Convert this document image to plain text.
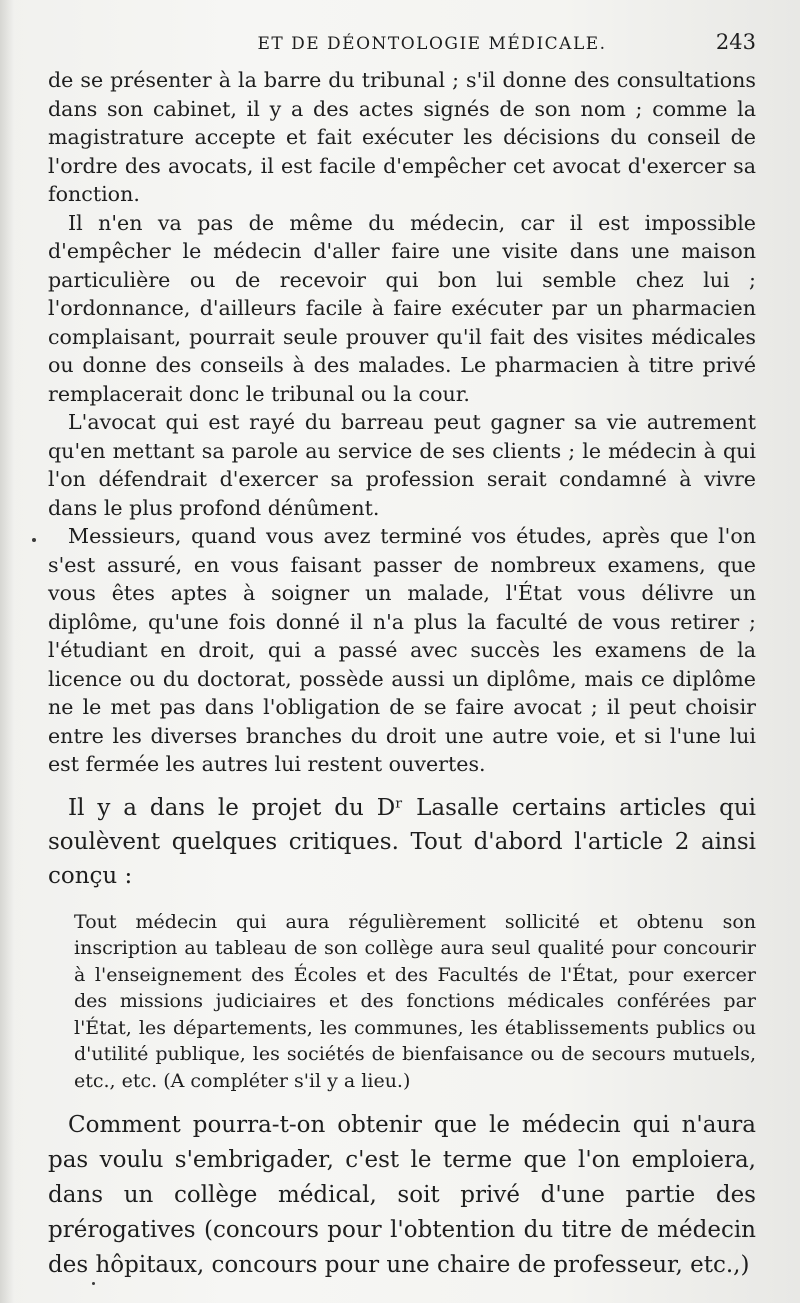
ET DE DÉONTOLOGIE MÉDICALE.	243

de se présenter à la barre du tribunal ; s'il donne des consultations dans son cabinet, il y a des actes signés de son nom ; comme la magistrature accepte et fait exécuter les décisions du conseil de l'ordre des avocats, il est facile d'empêcher cet avocat d'exercer sa fonction.

Il n'en va pas de même du médecin, car il est impossible d'empêcher le médecin d'aller faire une visite dans une maison particulière ou de recevoir qui bon lui semble chez lui ; l'ordonnance, d'ailleurs facile à faire exécuter par un pharmacien complaisant, pourrait seule prouver qu'il fait des visites médicales ou donne des conseils à des malades. Le pharmacien à titre privé remplacerait donc le tribunal ou la cour.

L'avocat qui est rayé du barreau peut gagner sa vie autrement qu'en mettant sa parole au service de ses clients ; le médecin à qui l'on défendrait d'exercer sa profession serait condamné à vivre dans le plus profond dénûment.

Messieurs, quand vous avez terminé vos études, après que l'on s'est assuré, en vous faisant passer de nombreux examens, que vous êtes aptes à soigner un malade, l'État vous délivre un diplôme, qu'une fois donné il n'a plus la faculté de vous retirer ; l'étudiant en droit, qui a passé avec succès les examens de la licence ou du doctorat, possède aussi un diplôme, mais ce diplôme ne le met pas dans l'obligation de se faire avocat ; il peut choisir entre les diverses branches du droit une autre voie, et si l'une lui est fermée les autres lui restent ouvertes.

Il y a dans le projet du Dʳ Lasalle certains articles qui soulèvent quelques critiques. Tout d'abord l'article 2 ainsi conçu :

Tout médecin qui aura régulièrement sollicité et obtenu son inscription au tableau de son collège aura seul qualité pour concourir à l'enseignement des Écoles et des Facultés de l'État, pour exercer des missions judiciaires et des fonctions médicales conférées par l'État, les départements, les communes, les établissements publics ou d'utilité publique, les sociétés de bienfaisance ou de secours mutuels, etc., etc. (A compléter s'il y a lieu.)

Comment pourra-t-on obtenir que le médecin qui n'aura pas voulu s'embrigader, c'est le terme que l'on emploiera, dans un collège médical, soit privé d'une partie des prérogatives (concours pour l'obtention du titre de médecin des hôpitaux, concours pour une chaire de professeur, etc.,)
